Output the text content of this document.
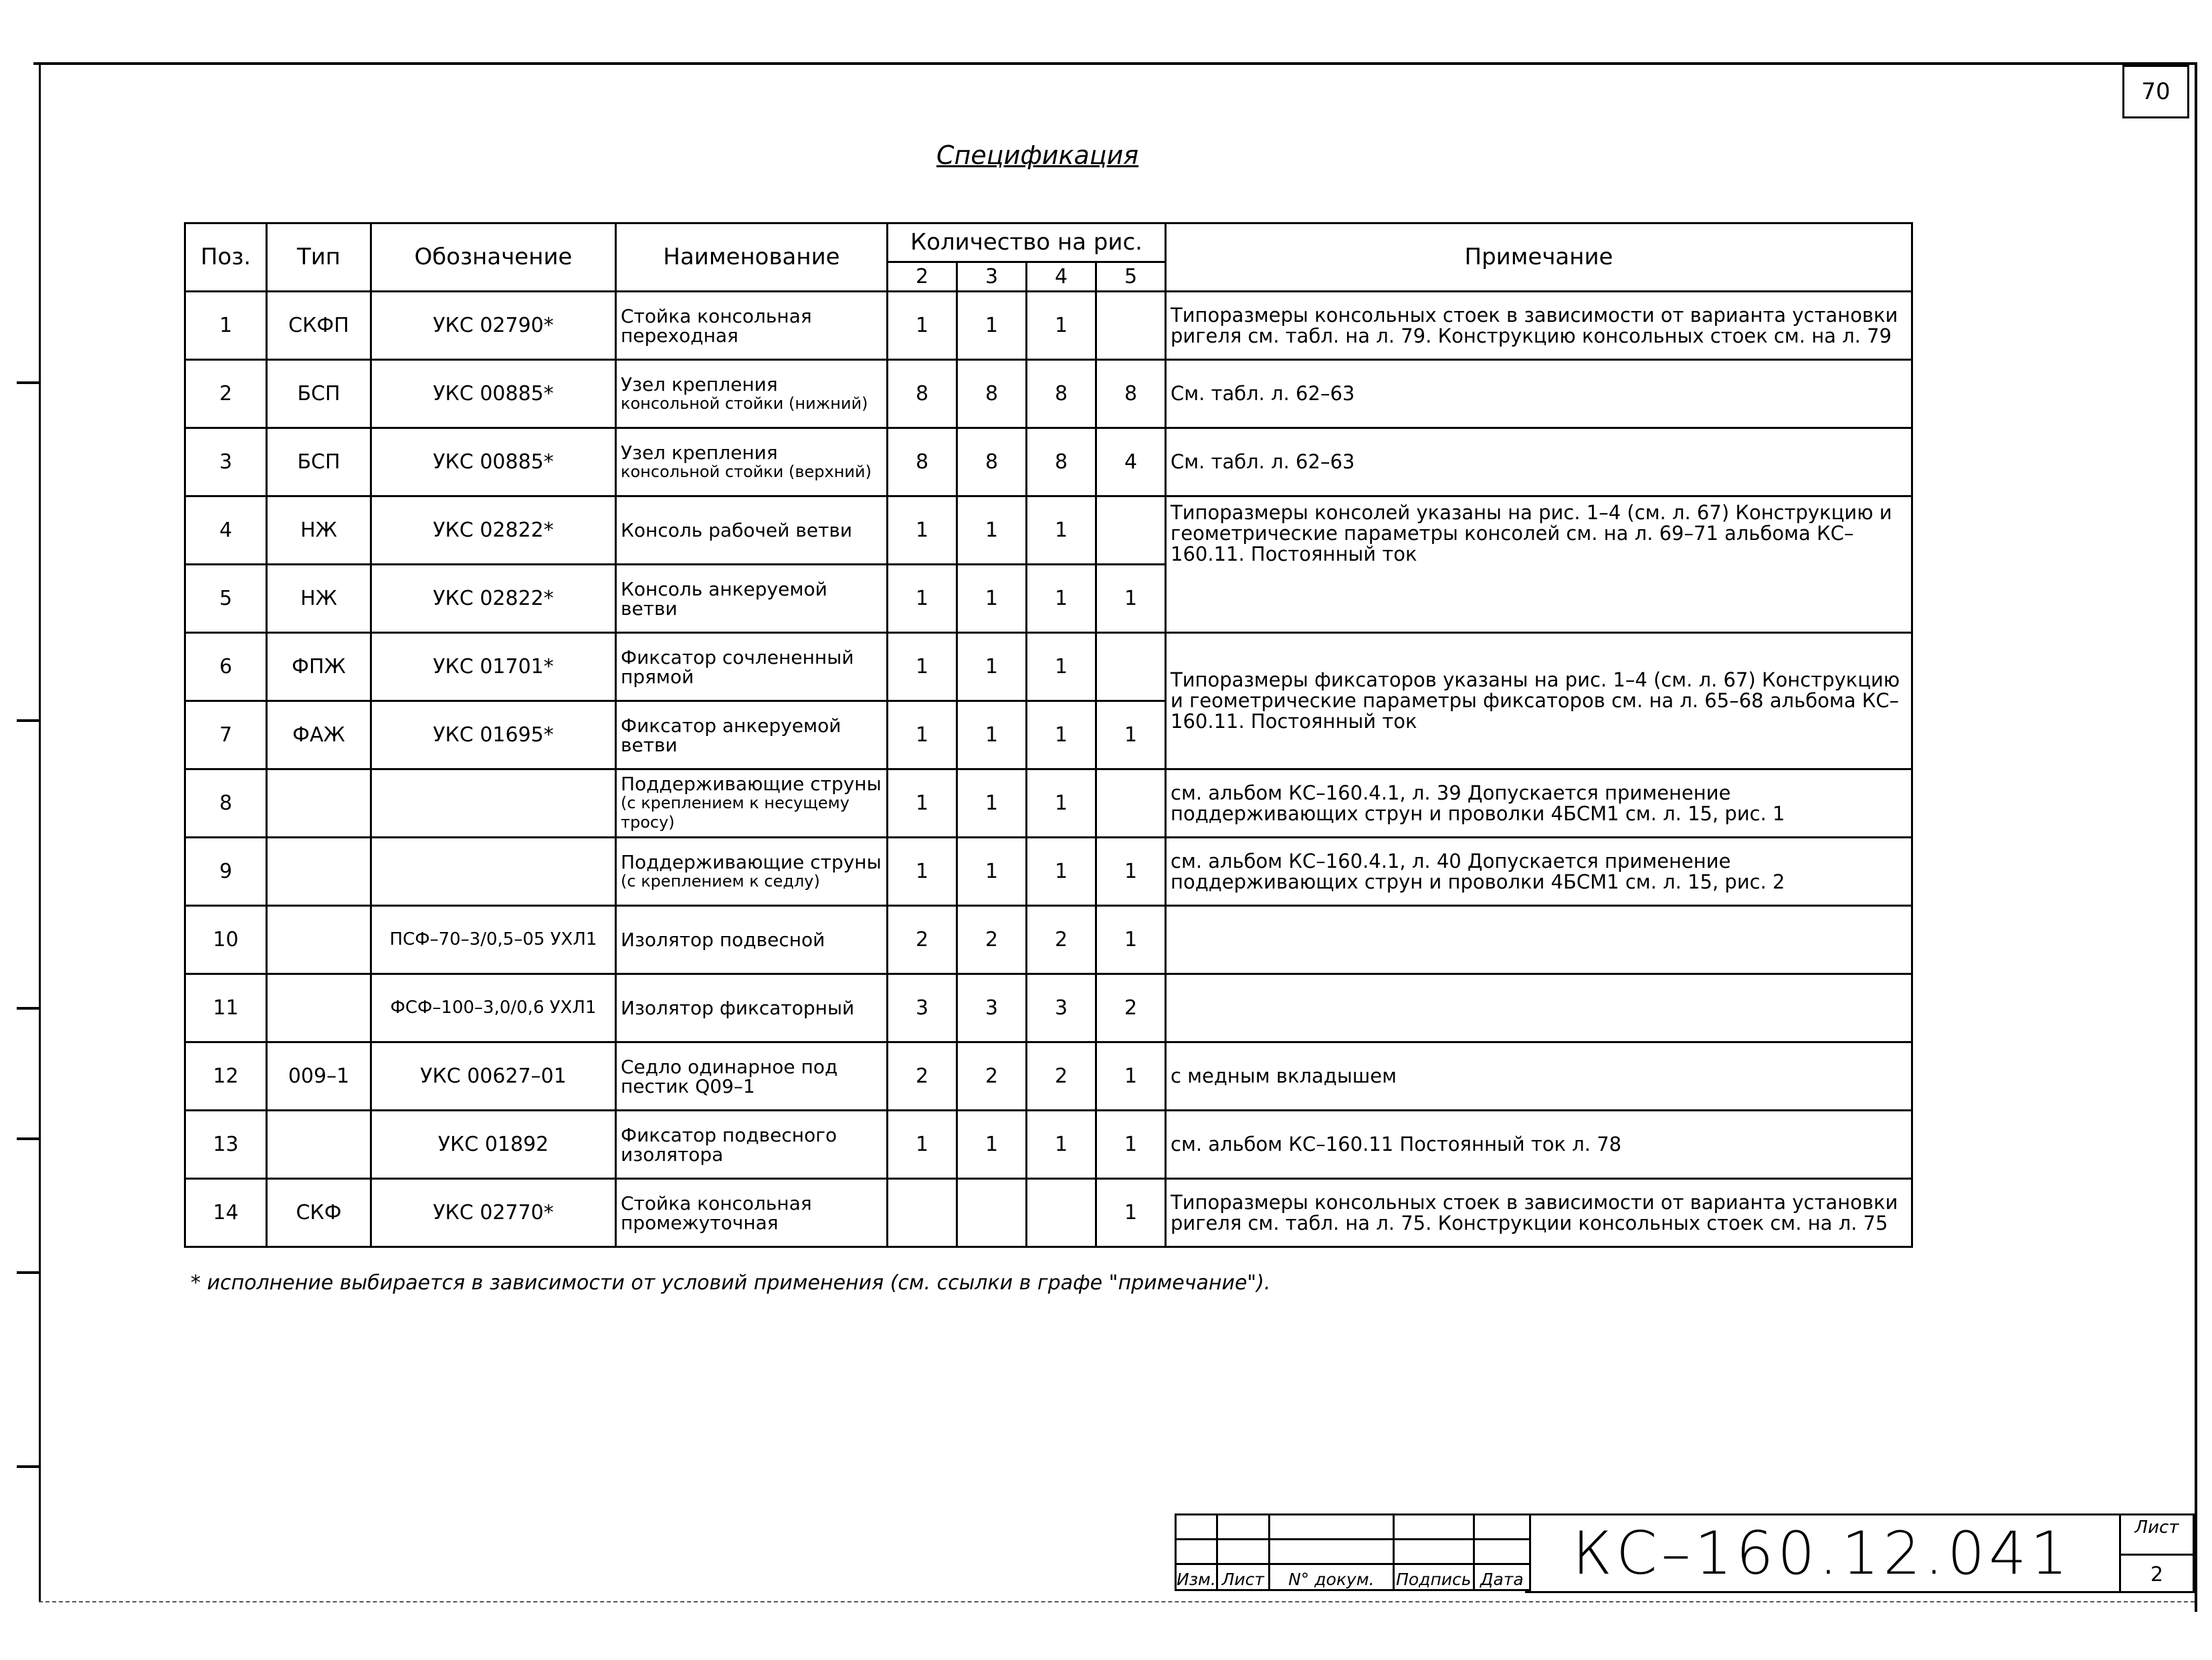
70
Спецификация
Поз.	Тип	Обозначение	Наименование	Количество на рис.				Примечание
				2	3	4	5	
1	СКФП	УКС 02790*	Стойка консольная переходная	1	1	1		Типоразмеры консольных стоек в зависимости от варианта установки ригеля см. табл. на л. 79. Конструкцию консольных стоек см. на л. 79
2	БСП	УКС 00885*	Узел крепления
консольной стойки (нижний)	8	8	8	8	См. табл. л. 62–63
3	БСП	УКС 00885*	Узел крепления
консольной стойки (верхний)	8	8	8	4	См. табл. л. 62–63
4	НЖ	УКС 02822*	Консоль рабочей ветви	1	1	1		Типоразмеры консолей указаны на рис. 1–4 (см. л. 67) Конструкцию и геометрические параметры консолей см. на л. 69–71 альбома КС–160.11. Постоянный ток
5	НЖ	УКС 02822*	Консоль анкеруемой ветви	1	1	1	1	
6	ФПЖ	УКС 01701*	Фиксатор сочлененный прямой	1	1	1		Типоразмеры фиксаторов указаны на рис. 1–4 (см. л. 67) Конструкцию и геометрические параметры фиксаторов см. на л. 65–68 альбома КС–160.11. Постоянный ток
7	ФАЖ	УКС 01695*	Фиксатор анкеруемой ветви	1	1	1	1	
8			Поддерживающие струны
(с креплением к несущему тросу)	1	1	1		см. альбом КС–160.4.1, л. 39 Допускается применение поддерживающих струн и проволки 4БСМ1 см. л. 15, рис. 1
9			Поддерживающие струны
(с креплением к седлу)	1	1	1	1	см. альбом КС–160.4.1, л. 40 Допускается применение поддерживающих струн и проволки 4БСМ1 см. л. 15, рис. 2
10		ПСФ–70–3/0,5–05 УХЛ1	Изолятор подвесной	2	2	2	1	
11		ФСФ–100–3,0/0,6 УХЛ1	Изолятор фиксаторный	3	3	3	2	
12	009–1	УКС 00627–01	Седло одинарное под пестик Q09–1	2	2	2	1	с медным вкладышем
13		УКС 01892	Фиксатор подвесного изолятора	1	1	1	1	см. альбом КС–160.11 Постоянный ток л. 78
14	СКФ	УКС 02770*	Стойка консольная промежуточная				1	Типоразмеры консольных стоек в зависимости от варианта установки ригеля см. табл. на л. 75. Конструкции консольных стоек см. на л. 75
* исполнение выбирается в зависимости от условий применения (см. ссылки в графе "примечание").

Изм.	Лист	N° докум.	Подпись	Дата КС–160.12.041	Лист
2
